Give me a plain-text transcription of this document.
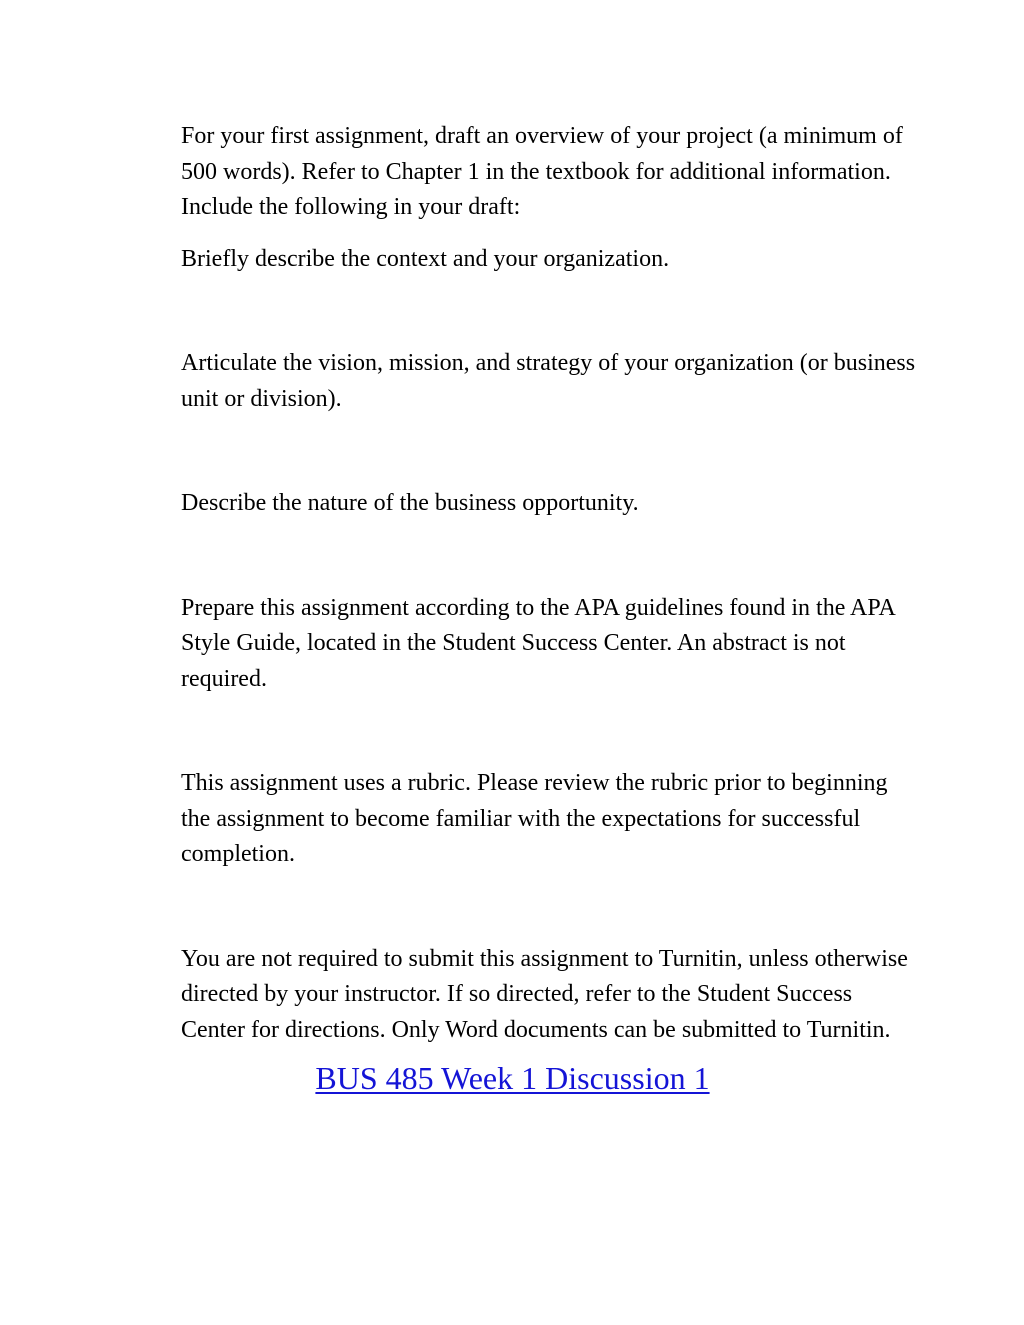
For your first assignment, draft an overview of your project (a minimum of 500 words). Refer to Chapter 1 in the textbook for additional information. Include the following in your draft:

Briefly describe the context and your organization.

Articulate the vision, mission, and strategy of your organization (or business unit or division).

Describe the nature of the business opportunity.

Prepare this assignment according to the APA guidelines found in the APA Style Guide, located in the Student Success Center. An abstract is not required.

This assignment uses a rubric. Please review the rubric prior to beginning the assignment to become familiar with the expectations for successful completion.

You are not required to submit this assignment to Turnitin, unless otherwise directed by your instructor. If so directed, refer to the Student Success Center for directions. Only Word documents can be submitted to Turnitin.

BUS 485 Week 1 Discussion 1
